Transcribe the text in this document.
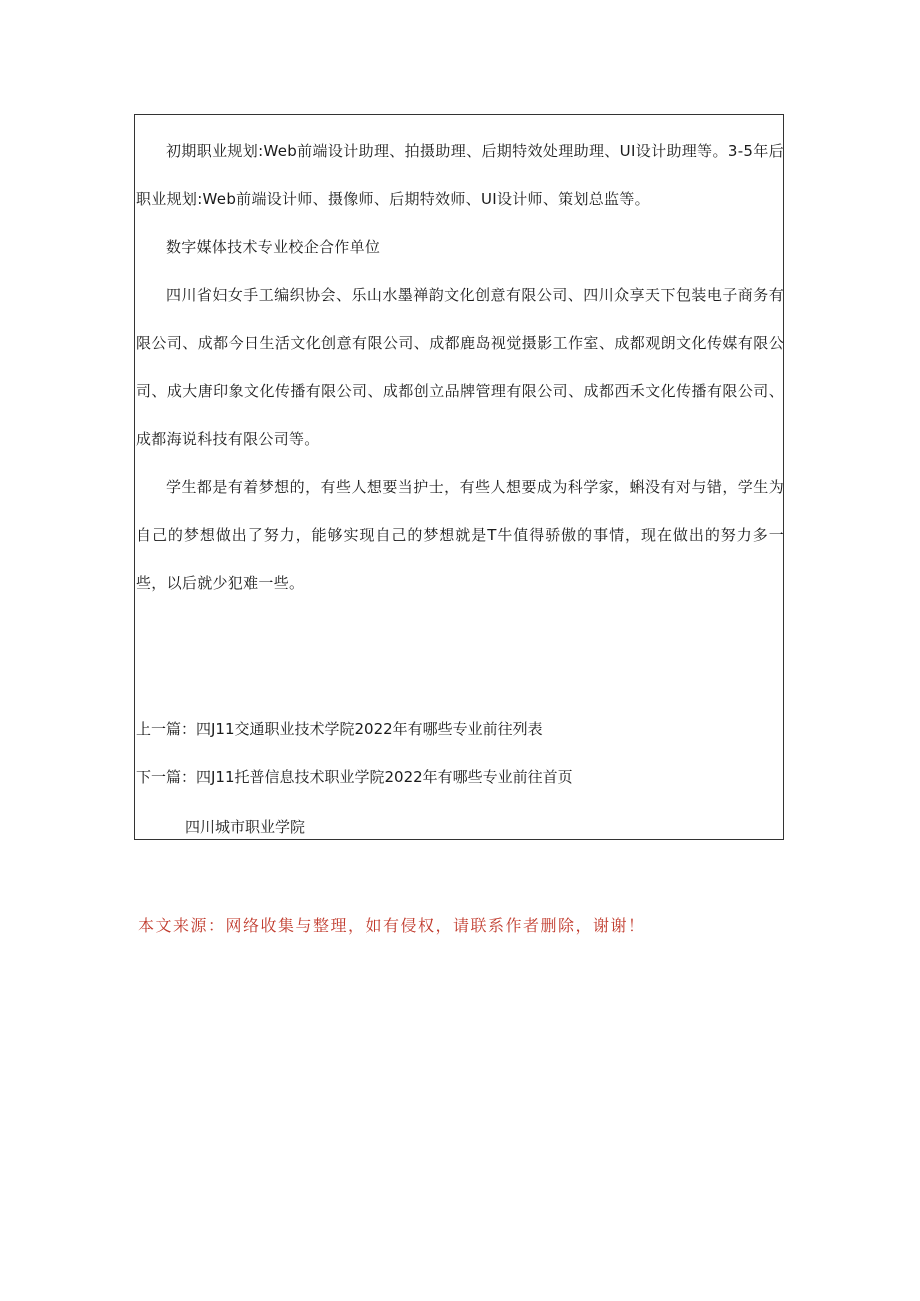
初期职业规划:Web前端设计助理、拍摄助理、后期特效处理助理、UI设计助理等。3-5年后职业规划:Web前端设计师、摄像师、后期特效师、UI设计师、策划总监等。

数字媒体技术专业校企合作单位

四川省妇女手工编织协会、乐山水墨禅韵文化创意有限公司、四川众享天下包装电子商务有限公司、成都今日生活文化创意有限公司、成都鹿岛视觉摄影工作室、成都观朗文化传媒有限公司、成大唐印象文化传播有限公司、成都创立品牌管理有限公司、成都西禾文化传播有限公司、成都海说科技有限公司等。

学生都是有着梦想的，有些人想要当护士，有些人想要成为科学家，蝌没有对与错，学生为自己的梦想做出了努力，能够实现自己的梦想就是T牛值得骄傲的事情，现在做出的努力多一些，以后就少犯难一些。

上一篇：四J11交通职业技术学院2022年有哪些专业前往列表

下一篇：四J11托普信息技术职业学院2022年有哪些专业前往首页

四川城市职业学院

本文来源：网络收集与整理，如有侵权，请联系作者删除，谢谢！
